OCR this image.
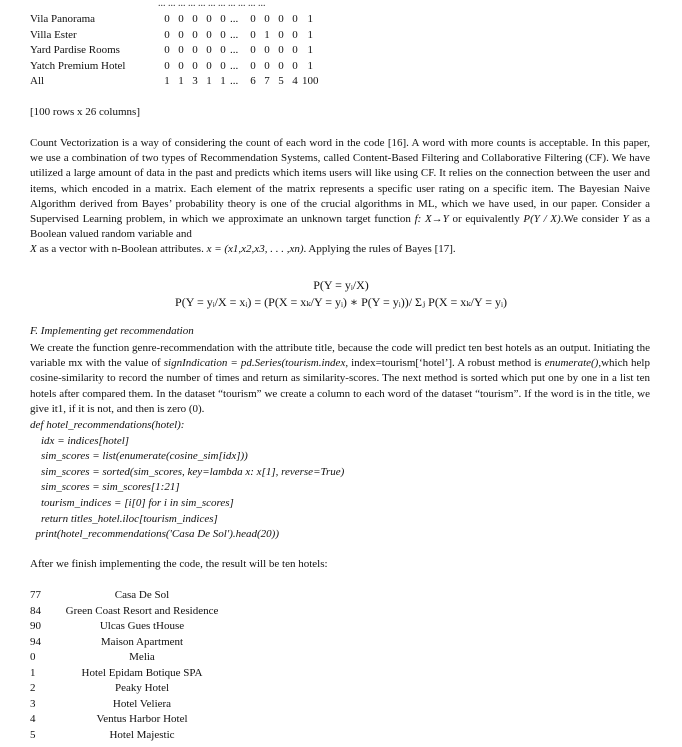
... ... ... ... ... ... ... ... ... ... ...
Vila Panorama	0	0	0	0	0	...	0	0	0	0	1
Villa Ester	0	0	0	0	0	...	0	1	0	0	1
Yard Pardise Rooms	0	0	0	0	0	...	0	0	0	0	1
Yatch Premium Hotel	0	0	0	0	0	...	0	0	0	0	1
All	1	1	3	1	1	...	6	7	5	4	100
[100 rows x 26 columns]

Count Vectorization is a way of considering the count of each word in the code [16]. A word with more counts is acceptable. In this paper, we use a combination of two types of Recommendation Systems, called Content-Based Filtering and Collaborative Filtering (CF). We have utilized a large amount of data in the past and predicts which items users will like using CF. It relies on the connection between the user and items, which encoded in a matrix. Each element of the matrix represents a specific user rating on a specific item. The Bayesian Naive Algorithm derived from Bayes’ probability theory is one of the crucial algorithms in ML, which we have used, in our paper. Consider a Supervised Learning problem, in which we approximate an unknown target function f: X→Y or equivalently P(Y / X).We consider Y as a Boolean valued random variable and
X as a vector with n-Boolean attributes. x = (x1,x2,x3, . . . ,xn). Applying the rules of Bayes [17].

P(Y = yᵢ/X)
P(Y = yᵢ/X = xᵢ) = (P(X = xₖ/Y = yᵢ) ∗ P(Y = yᵢ))/ Σⱼ P(X = xₖ/Y = yᵢ)
F. Implementing get recommendation

We create the function genre-recommendation with the attribute title, because the code will predict ten best hotels as an output. Initiating the variable mx with the value of signIndication = pd.Series(tourism.index, index=tourism[‘hotel’]. A robust method is enumerate(),which help cosine-similarity to record the number of times and return as similarity-scores. The next method is sorted which put one by one in a list ten hotels after compared them. In the dataset “tourism” we create a column to each word of the dataset “tourism”. If the word is in the title, we give it1, if it is not, and then is zero (0).

def hotel_recommendations(hotel):
idx = indices[hotel]
sim_scores = list(enumerate(cosine_sim[idx]))
sim_scores = sorted(sim_scores, key=lambda x: x[1], reverse=True)
sim_scores = sim_scores[1:21]
tourism_indices = [i[0] for i in sim_scores]
return titles_hotel.iloc[tourism_indices]
print(hotel_recommendations('Casa De Sol').head(20))
After we finish implementing the code, the result will be ten hotels:
77	Casa De Sol
84	Green Coast Resort and Residence
90	Ulcas Gues tHouse
94	Maison Apartment
0	Melia
1	Hotel Epidam Botique SPA
2	Peaky Hotel
3	Hotel Veliera
4	Ventus Harbor Hotel
5	Hotel Majestic
